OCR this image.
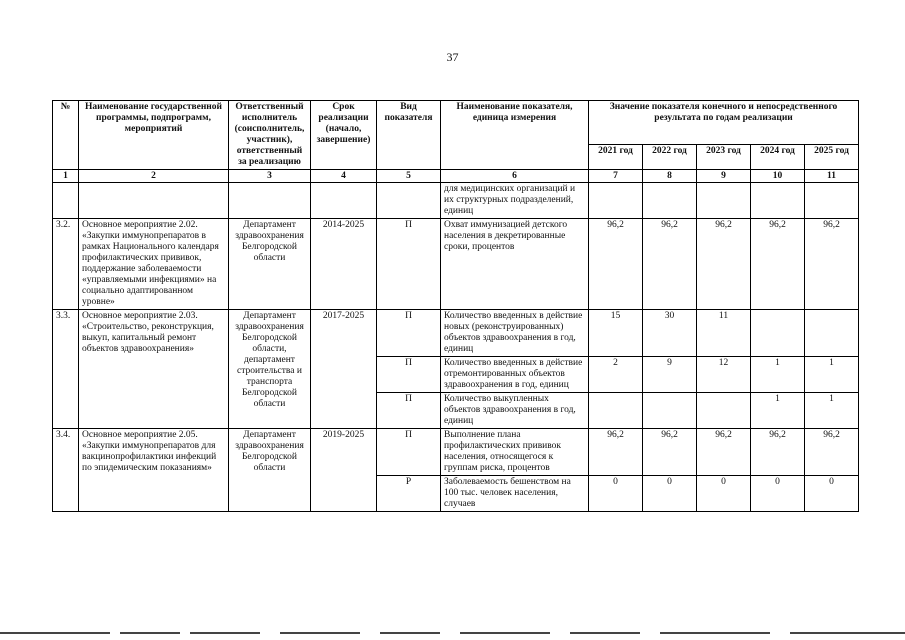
37
№	Наименование государственной программы, подпрограмм, мероприятий	Ответственный исполнитель (соисполнитель, участник), ответственный за реализацию	Срок реализации (начало, завершение)	Вид показателя	Наименование показателя, единица измерения	Значение показателя конечного и непосредственного результата по годам реализации				
						2021 год	2022 год	2023 год	2024 год	2025 год
1	2	3	4	5	6	7	8	9	10	11
					для медицинских организаций и их структурных подразделений, единиц					
3.2.	Основное мероприятие 2.02. «Закупки иммунопрепаратов в рамках Национального календаря профилактических прививок, поддержание заболеваемости «управляемыми инфекциями» на социально адаптированном уровне»	Департамент здравоохранения Белгородской области	2014-2025	П	Охват иммунизацией детского населения в декретированные сроки, процентов	96,2	96,2	96,2	96,2	96,2
3.3.	Основное мероприятие 2.03. «Строительство, реконструкция, выкуп, капитальный ремонт объектов здравоохранения»	Департамент здравоохранения Белгородской области, департамент строительства и транспорта Белгородской области	2017-2025	П	Количество введенных в действие новых (реконструированных) объектов здравоохранения в год, единиц	15	30	11		
				П	Количество введенных в действие отремонтированных объектов здравоохранения в год, единиц	2	9	12	1	1
				П	Количество выкупленных объектов здравоохранения в год, единиц				1	1
3.4.	Основное мероприятие 2.05. «Закупки иммунопрепаратов для вакцинопрофилактики инфекций по эпидемическим показаниям»	Департамент здравоохранения Белгородской области	2019-2025	П	Выполнение плана профилактических прививок населения, относящегося к группам риска, процентов	96,2	96,2	96,2	96,2	96,2
				Р	Заболеваемость бешенством на 100 тыс. человек населения, случаев	0	0	0	0	0
